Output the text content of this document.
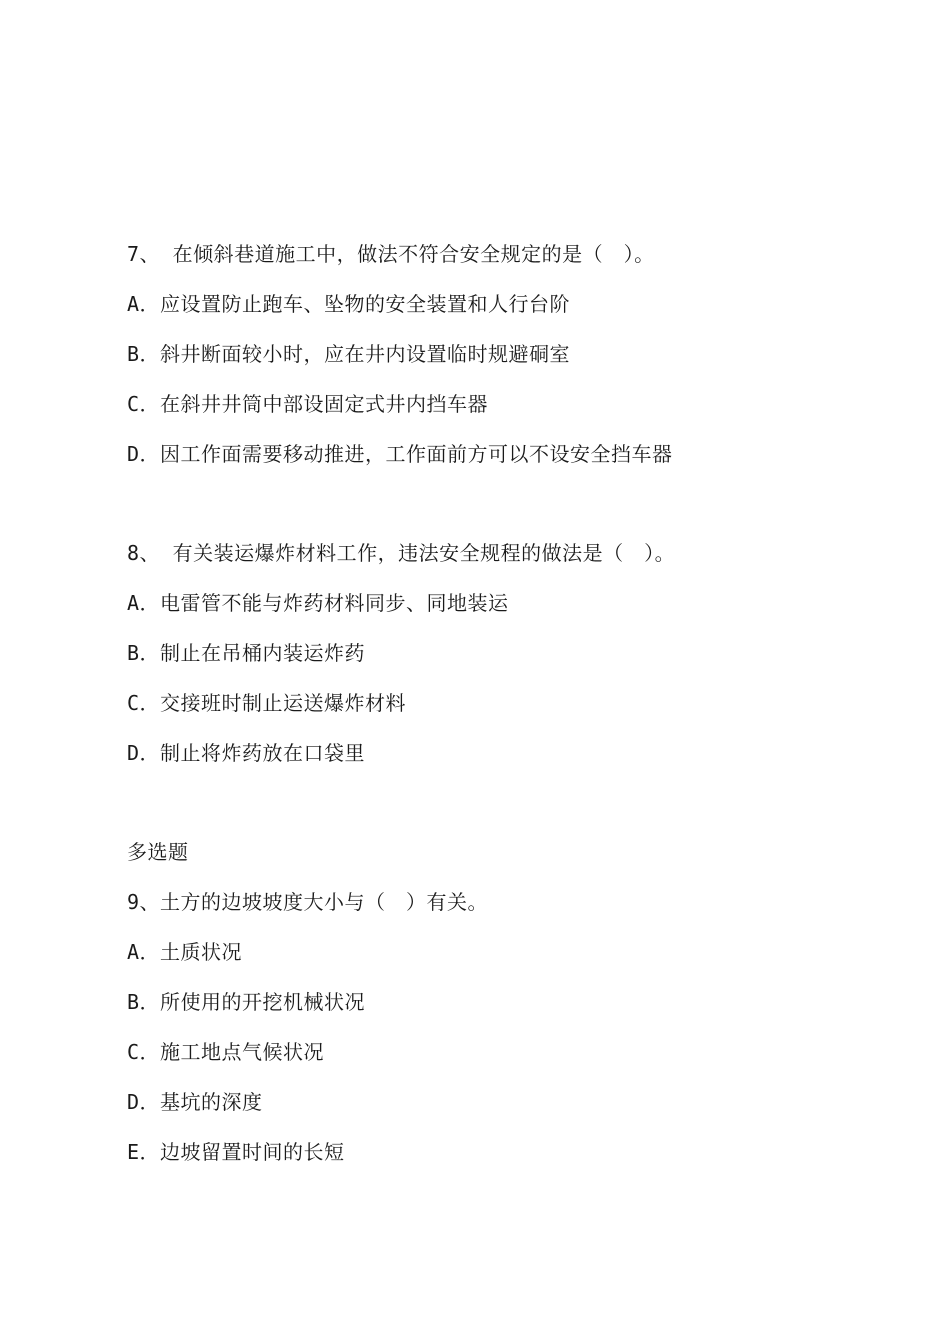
7、 在倾斜巷道施工中，做法不符合安全规定的是（　）。
A．应设置防止跑车、坠物的安全装置和人行台阶
B．斜井断面较小时，应在井内设置临时规避硐室
C．在斜井井筒中部设固定式井内挡车器
D．因工作面需要移动推进，工作面前方可以不设安全挡车器
8、 有关装运爆炸材料工作，违法安全规程的做法是（　）。
A．电雷管不能与炸药材料同步、同地装运
B．制止在吊桶内装运炸药
C．交接班时制止运送爆炸材料
D．制止将炸药放在口袋里
多选题
9、土方的边坡坡度大小与（　）有关。
A．土质状况
B．所使用的开挖机械状况
C．施工地点气候状况
D．基坑的深度
E．边坡留置时间的长短
